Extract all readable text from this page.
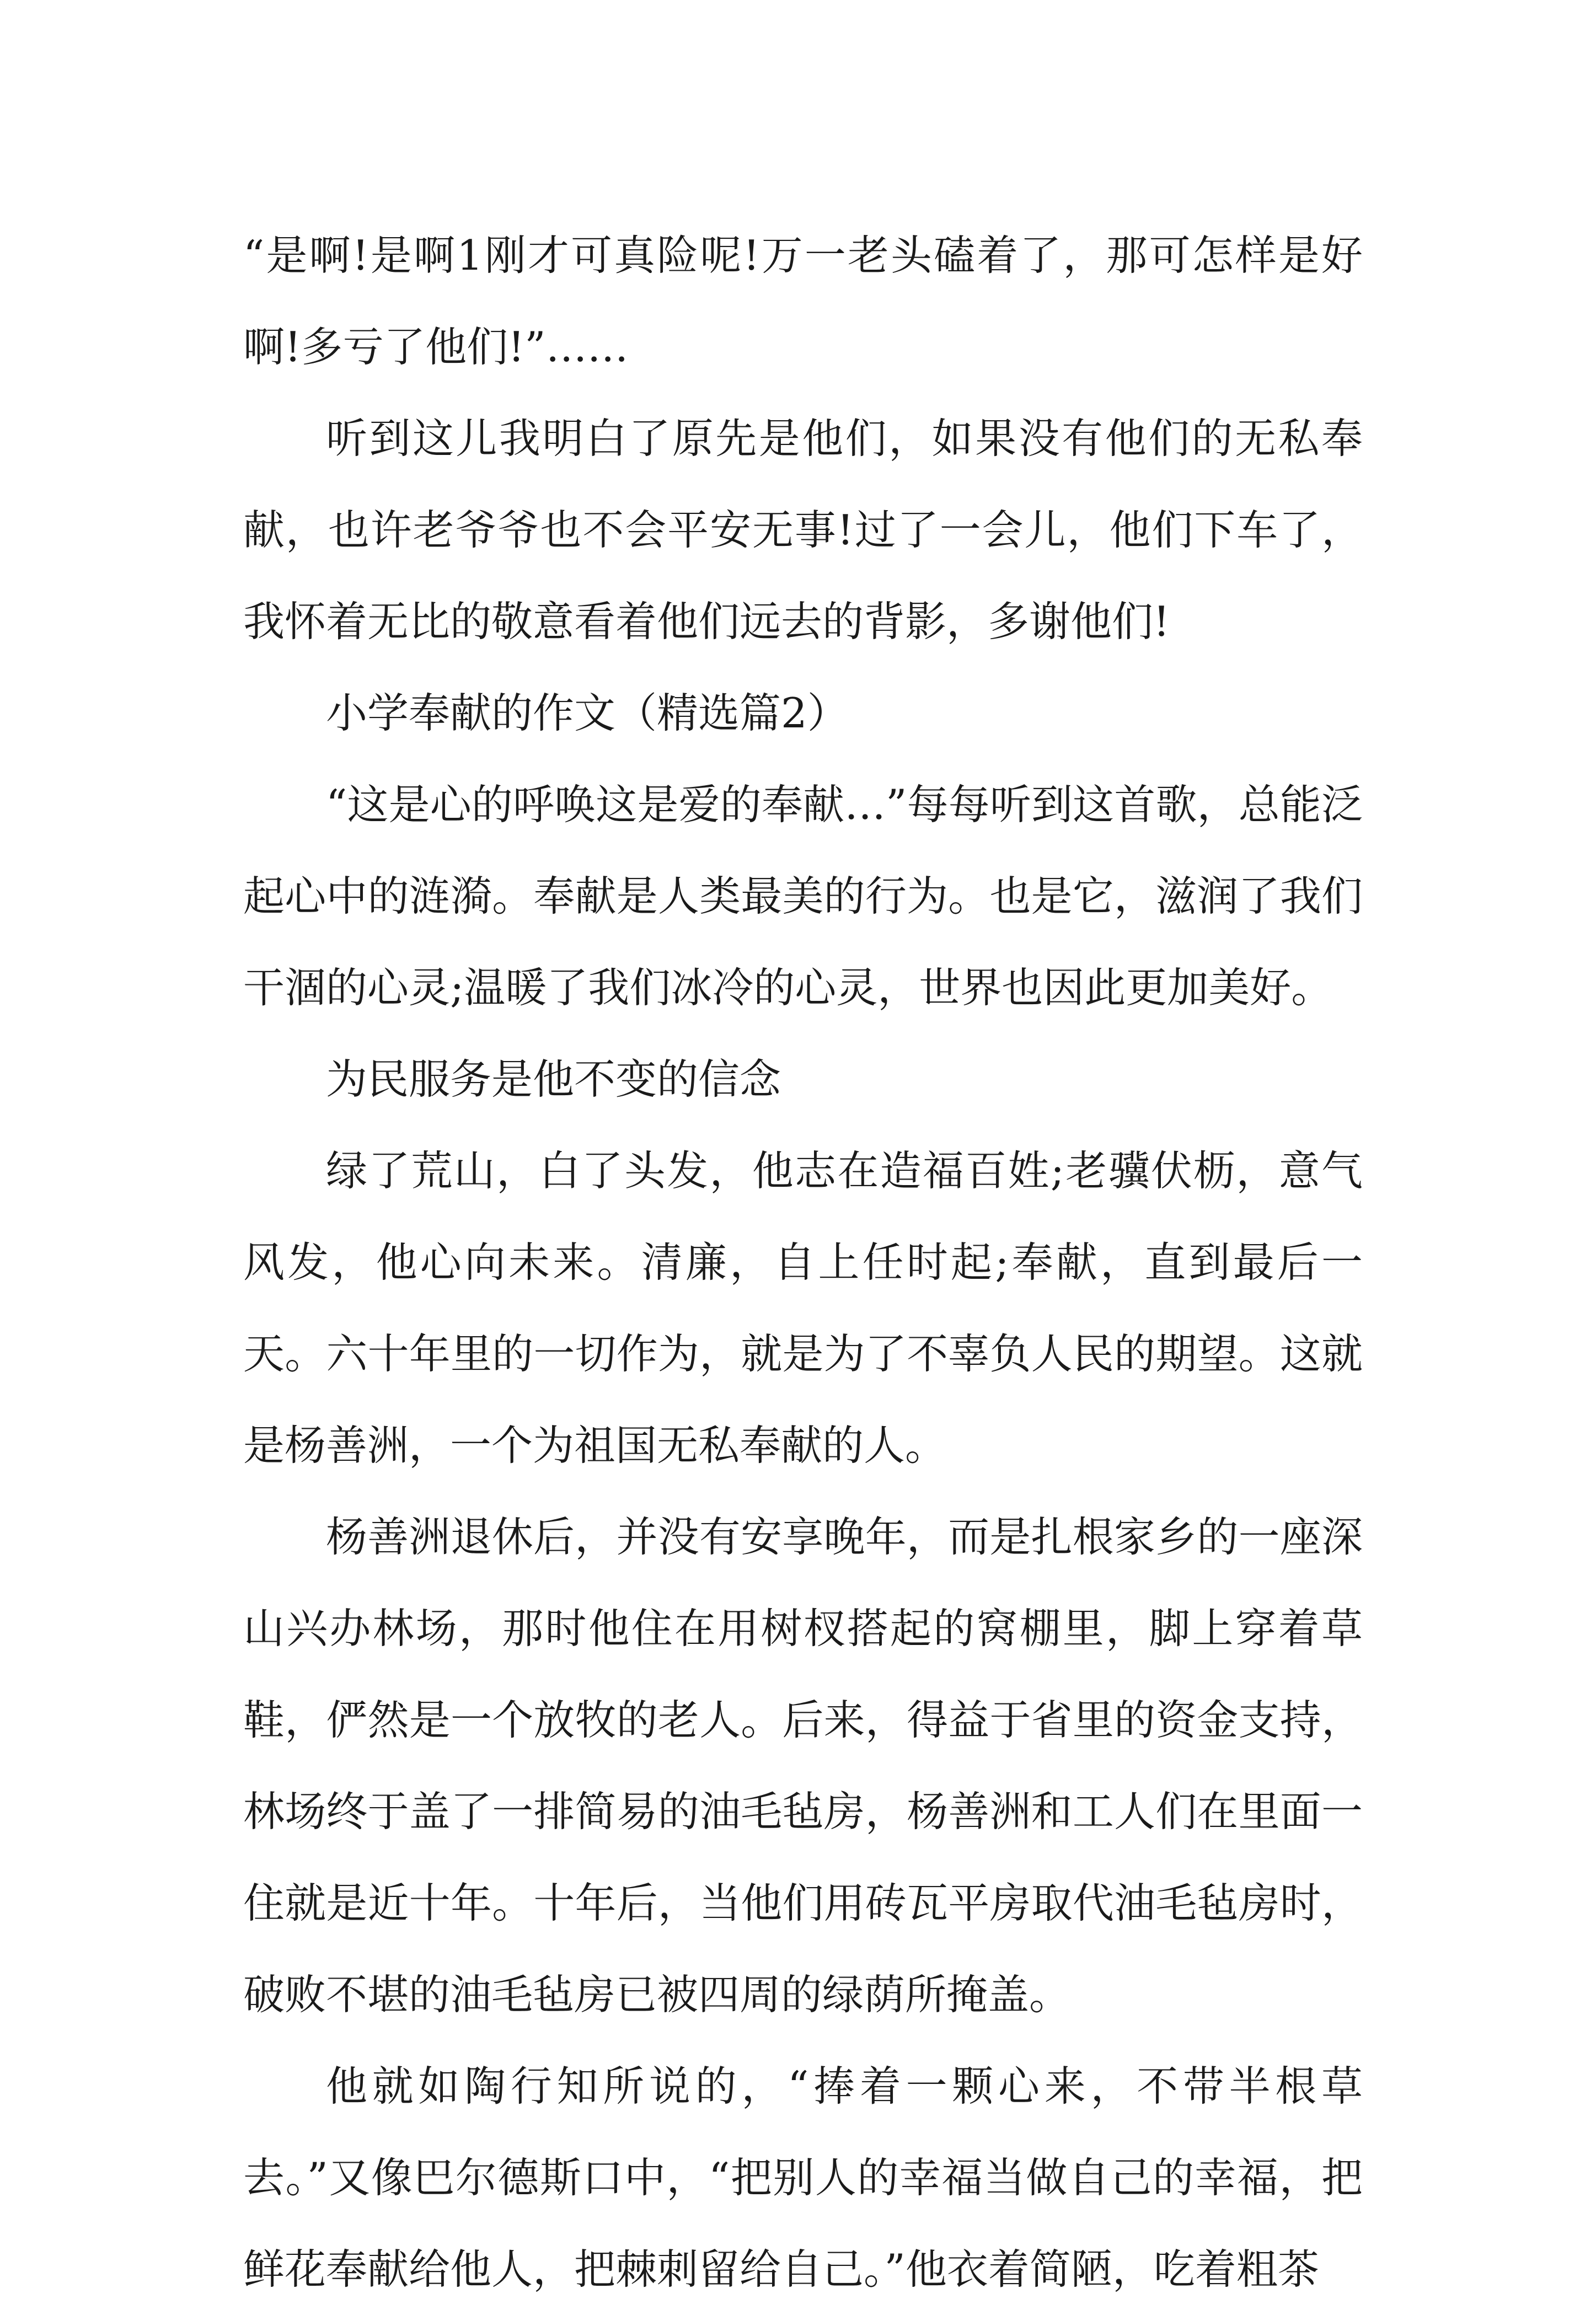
“是啊!是啊1刚才可真险呢!万一老头磕着了，那可怎样是好啊!多亏了他们!”……

听到这儿我明白了原先是他们，如果没有他们的无私奉献，也许老爷爷也不会平安无事!过了一会儿，他们下车了，我怀着无比的敬意看着他们远去的背影，多谢他们!

小学奉献的作文（精选篇2）

“这是心的呼唤这是爱的奉献…”每每听到这首歌，总能泛起心中的涟漪。奉献是人类最美的行为。也是它，滋润了我们干涸的心灵;温暖了我们冰冷的心灵，世界也因此更加美好。

为民服务是他不变的信念

绿了荒山，白了头发，他志在造福百姓;老骥伏枥，意气风发，他心向未来。清廉，自上任时起;奉献，直到最后一天。六十年里的一切作为，就是为了不辜负人民的期望。这就是杨善洲，一个为祖国无私奉献的人。

杨善洲退休后，并没有安享晚年，而是扎根家乡的一座深山兴办林场，那时他住在用树杈搭起的窝棚里，脚上穿着草鞋，俨然是一个放牧的老人。后来，得益于省里的资金支持，林场终于盖了一排简易的油毛毡房，杨善洲和工人们在里面一住就是近十年。十年后，当他们用砖瓦平房取代油毛毡房时，破败不堪的油毛毡房已被四周的绿荫所掩盖。

他就如陶行知所说的，“捧着一颗心来，不带半根草去。”又像巴尔德斯口中，“把别人的幸福当做自己的幸福，把鲜花奉献给他人，把棘刺留给自己。”他衣着简陋，吃着粗茶
